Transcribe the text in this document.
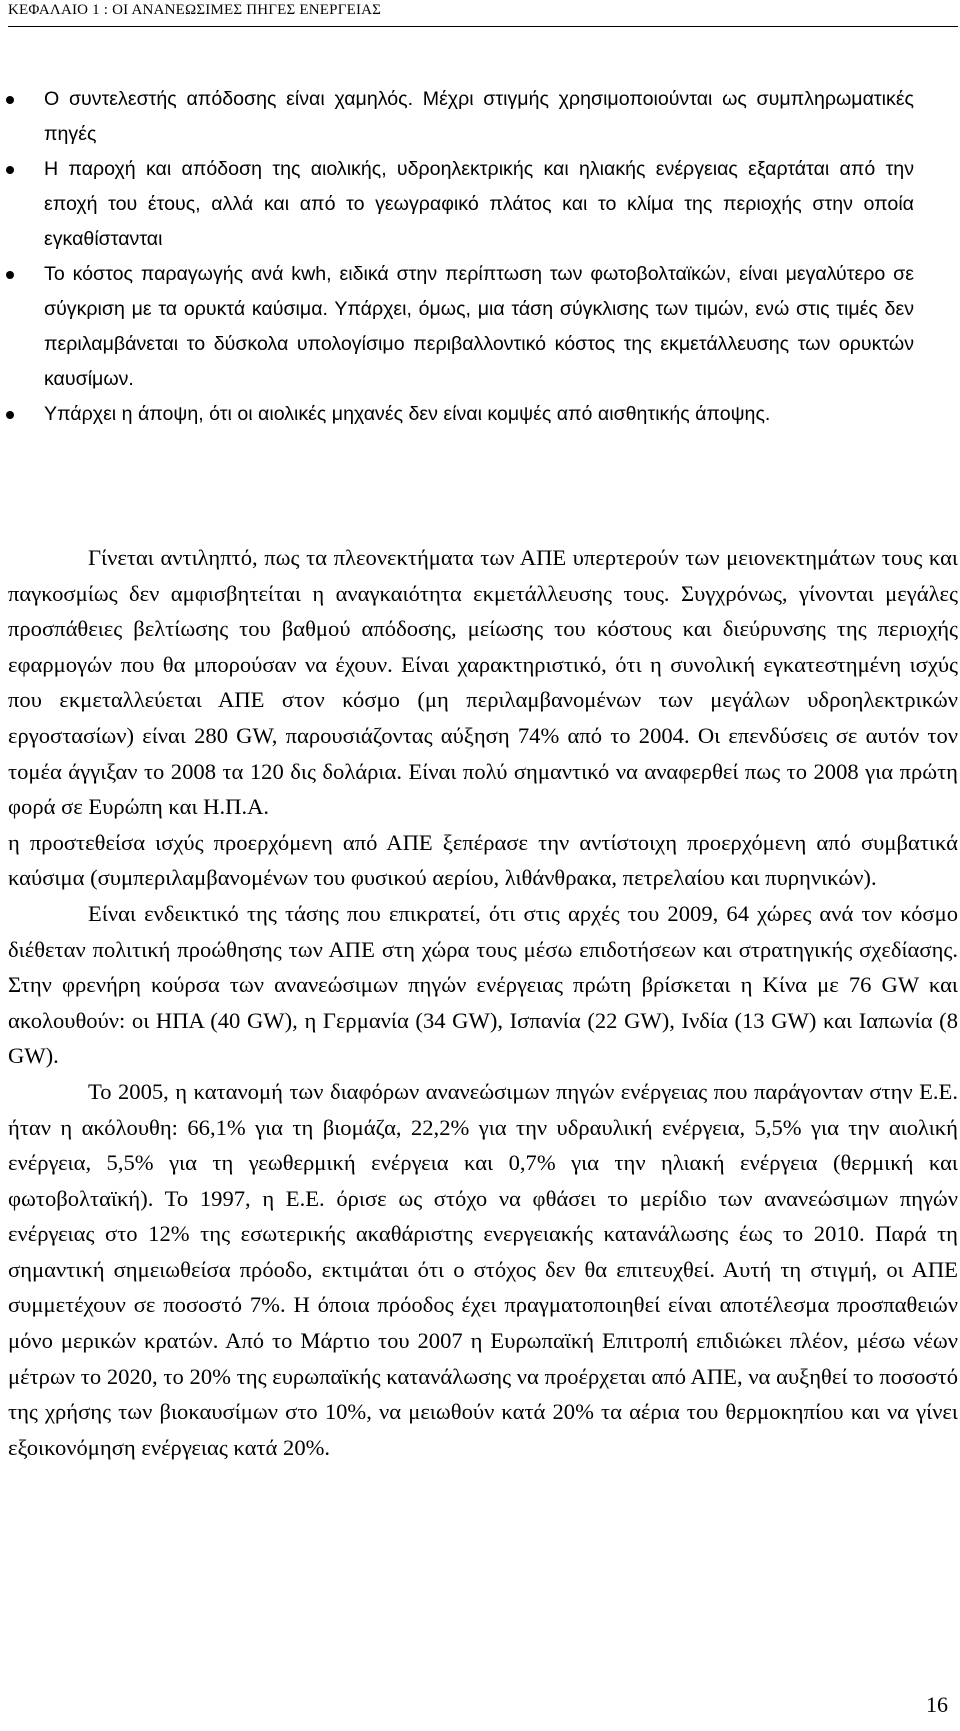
ΚΕΦΑΛΑΙΟ 1 : ΟΙ ΑΝΑΝΕΩΣΙΜΕΣ ΠΗΓΕΣ ΕΝΕΡΓΕΙΑΣ
Ο συντελεστής απόδοσης είναι χαμηλός. Μέχρι στιγμής χρησιμοποιούνται ως συμπληρωματικές πηγές
Η παροχή και απόδοση της αιολικής, υδροηλεκτρικής και ηλιακής ενέργειας εξαρτάται από την εποχή του έτους, αλλά και από το γεωγραφικό πλάτος και το κλίμα της περιοχής στην οποία εγκαθίστανται
Το κόστος παραγωγής ανά kwh, ειδικά στην περίπτωση των φωτοβολταϊκών, είναι μεγαλύτερο σε σύγκριση με τα ορυκτά καύσιμα. Υπάρχει, όμως, μια τάση σύγκλισης των τιμών, ενώ στις τιμές δεν περιλαμβάνεται το δύσκολα υπολογίσιμο περιβαλλοντικό κόστος της εκμετάλλευσης των ορυκτών καυσίμων.
Υπάρχει η άποψη, ότι οι αιολικές μηχανές δεν είναι κομψές από αισθητικής άποψης.

Γίνεται αντιληπτό, πως τα πλεονεκτήματα των ΑΠΕ υπερτερούν των μειονεκτημάτων τους και παγκοσμίως δεν αμφισβητείται η αναγκαιότητα εκμετάλλευσης τους. Συγχρόνως, γίνονται μεγάλες προσπάθειες βελτίωσης του βαθμού απόδοσης, μείωσης του κόστους και διεύρυνσης της περιοχής εφαρμογών που θα μπορούσαν να έχουν. Είναι χαρακτηριστικό, ότι η συνολική εγκατεστημένη ισχύς που εκμεταλλεύεται ΑΠΕ στον κόσμο (μη περιλαμβανομένων των μεγάλων υδροηλεκτρικών εργοστασίων) είναι 280 GW, παρουσιάζοντας αύξηση 74% από το 2004. Οι επενδύσεις σε αυτόν τον τομέα άγγιξαν το 2008 τα 120 δις δολάρια. Είναι πολύ σημαντικό να αναφερθεί πως το 2008 για πρώτη φορά σε Ευρώπη και Η.Π.Α.

η προστεθείσα ισχύς προερχόμενη από ΑΠΕ ξεπέρασε την αντίστοιχη προερχόμενη από συμβατικά καύσιμα (συμπεριλαμβανομένων του φυσικού αερίου, λιθάνθρακα, πετρελαίου και πυρηνικών).

Είναι ενδεικτικό της τάσης που επικρατεί, ότι στις αρχές του 2009, 64 χώρες ανά τον κόσμο διέθεταν πολιτική προώθησης των ΑΠΕ στη χώρα τους μέσω επιδοτήσεων και στρατηγικής σχεδίασης. Στην φρενήρη κούρσα των ανανεώσιμων πηγών ενέργειας πρώτη βρίσκεται η Κίνα με 76 GW και ακολουθούν: οι ΗΠΑ (40 GW), η Γερμανία (34 GW), Ισπανία (22 GW), Ινδία (13 GW) και Ιαπωνία (8 GW).

Το 2005, η κατανομή των διαφόρων ανανεώσιμων πηγών ενέργειας που παράγονταν στην Ε.Ε. ήταν η ακόλουθη: 66,1% για τη βιομάζα, 22,2% για την υδραυλική ενέργεια, 5,5% για την αιολική ενέργεια, 5,5% για τη γεωθερμική ενέργεια και 0,7% για την ηλιακή ενέργεια (θερμική και φωτοβολταϊκή). Το 1997, η Ε.Ε. όρισε ως στόχο να φθάσει το μερίδιο των ανανεώσιμων πηγών ενέργειας στο 12% της εσωτερικής ακαθάριστης ενεργειακής κατανάλωσης έως το 2010. Παρά τη σημαντική σημειωθείσα πρόοδο, εκτιμάται ότι ο στόχος δεν θα επιτευχθεί. Αυτή τη στιγμή, οι ΑΠΕ συμμετέχουν σε ποσοστό 7%. Η όποια πρόοδος έχει πραγματοποιηθεί είναι αποτέλεσμα προσπαθειών μόνο μερικών κρατών. Από το Μάρτιο του 2007 η Ευρωπαϊκή Επιτροπή επιδιώκει πλέον, μέσω νέων μέτρων το 2020, το 20% της ευρωπαϊκής κατανάλωσης να προέρχεται από ΑΠΕ, να αυξηθεί το ποσοστό της χρήσης των βιοκαυσίμων στο 10%, να μειωθούν κατά 20% τα αέρια του θερμοκηπίου και να γίνει εξοικονόμηση ενέργειας κατά 20%.

16
